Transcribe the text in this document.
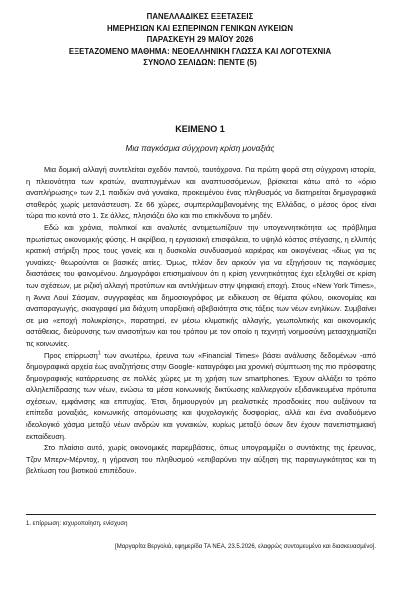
ΠΑΝΕΛΛΑΔΙΚΕΣ ΕΞΕΤΑΣΕΙΣ
ΗΜΕΡΗΣΙΩΝ ΚΑΙ ΕΣΠΕΡΙΝΩΝ ΓΕΝΙΚΩΝ ΛΥΚΕΙΩΝ
ΠΑΡΑΣΚΕΥΗ 29 ΜΑΪΟΥ 2026
ΕΞΕΤΑΖΟΜΕΝΟ ΜΑΘΗΜΑ: ΝΕΟΕΛΛΗΝΙΚΗ ΓΛΩΣΣΑ ΚΑΙ ΛΟΓΟΤΕΧΝΙΑ
ΣΥΝΟΛΟ ΣΕΛΙΔΩΝ: ΠΕΝΤΕ (5)
ΚΕΙΜΕΝΟ 1
Μια παγκόσμια σύγχρονη κρίση μοναξιάς

Μια δομική αλλαγή συντελείται σχεδόν παντού, ταυτόχρονα. Για πρώτη φορά στη σύγχρονη ιστορία, η πλειονότητα των κρατών, αναπτυγμένων και αναπτυσσόμενων, βρίσκεται κάτω από το «όριο αναπλήρωσης» των 2,1 παιδιών ανά γυναίκα, προκειμένου ένας πληθυσμός να διατηρείται δημογραφικά σταθερός χωρίς μετανάστευση. Σε 66 χώρες, συμπεριλαμβανομένης της Ελλάδας, ο μέσος όρος είναι τώρα πιο κοντά στο 1. Σε άλλες, πλησιάζει όλο και πιο επικίνδυνα το μηδέν.

Εδώ και χρόνια, πολιτικοί και αναλυτές αντιμετωπίζουν την υπογεννητικότητα ως πρόβλημα πρωτίστως οικονομικής φύσης. Η ακρίβεια, η εργασιακή επισφάλεια, το υψηλό κόστος στέγασης, η ελλιπής κρατική στήριξη προς τους γονείς και η δυσκολία συνδυασμού καριέρας και οικογένειας -ιδίως για τις γυναίκες- θεωρούνται οι βασικές αιτίες. Όμως, πλέον δεν αρκούν για να εξηγήσουν τις παγκόσμιες διαστάσεις του φαινομένου. Δημογράφοι επισημαίνουν ότι η κρίση γεννητικότητας έχει εξελιχθεί σε κρίση των σχέσεων, με ριζική αλλαγή προτύπων και αντιλήψεων στην ψηφιακή εποχή. Στους «New York Times», η Άννα Λουί Σάσμαν, συγγραφέας και δημοσιογράφος με ειδίκευση σε θέματα φύλου, οικονομίας και αναπαραγωγής, σκιαγραφεί μια διάχυτη υπαρξιακή αβεβαιότητα στις τάξεις των νέων ενηλίκων. Συμβαίνει σε μια «εποχή πολυκρίσης», παρατηρεί, εν μέσω κλιματικής αλλαγής, γεωπολιτικής και οικονομικής αστάθειας, διεύρυνσης των ανισοτήτων και του τρόπου με τον οποίο η τεχνητή νοημοσύνη μετασχηματίζει τις κοινωνίες.

Προς επίρρωση$^1$ των ανωτέρω, έρευνα των «Financial Times» βάσει ανάλυσης δεδομένων -από δημογραφικά αρχεία έως αναζητήσεις στην Google- καταγράφει μια χρονική σύμπτωση της πιο πρόσφατης δημογραφικής κατάρρευσης σε πολλές χώρες με τη χρήση των smartphones. Έχουν αλλάξει το τρόπο αλληλεπίδρασης των νέων, ενώσω τα μέσα κοινωνικής δικτύωσης καλλιεργούν εξιδανικευμένα πρότυπα σχέσεων, εμφάνισης και επιτυχίας. Έτσι, δημιουργούν μη ρεαλιστικές προσδοκίες που αυξάνουν τα επίπεδα μοναξιάς, κοινωνικής απομόνωσης και ψυχολογικής δυσφορίας, αλλά και ένα αναδυόμενο ιδεολογικό χάσμα μεταξύ νέων ανδρών και γυναικών, κυρίως μεταξύ όσων δεν έχουν πανεπιστημιακή εκπαίδευση.

Στο πλαίσιο αυτό, χωρίς οικονομικές παρεμβάσεις, όπως υπογραμμίζει ο συντάκτης της έρευνας, Τζον Μπερν-Μέρντοχ, η γήρανση του πληθυσμού «επιβαρύνει την αύξηση της παραγωγικότητας και τη βελτίωση του βιοτικού επιπέδου».

1. επίρρωση: ισχυροποίηση, ενίσχυση
[Μαργαρίτα Βεργολιά, εφημερίδα ΤΑ ΝΕΑ, 23.5.2026, ελαφρώς συντομευμένο και διασκευασμένο].
